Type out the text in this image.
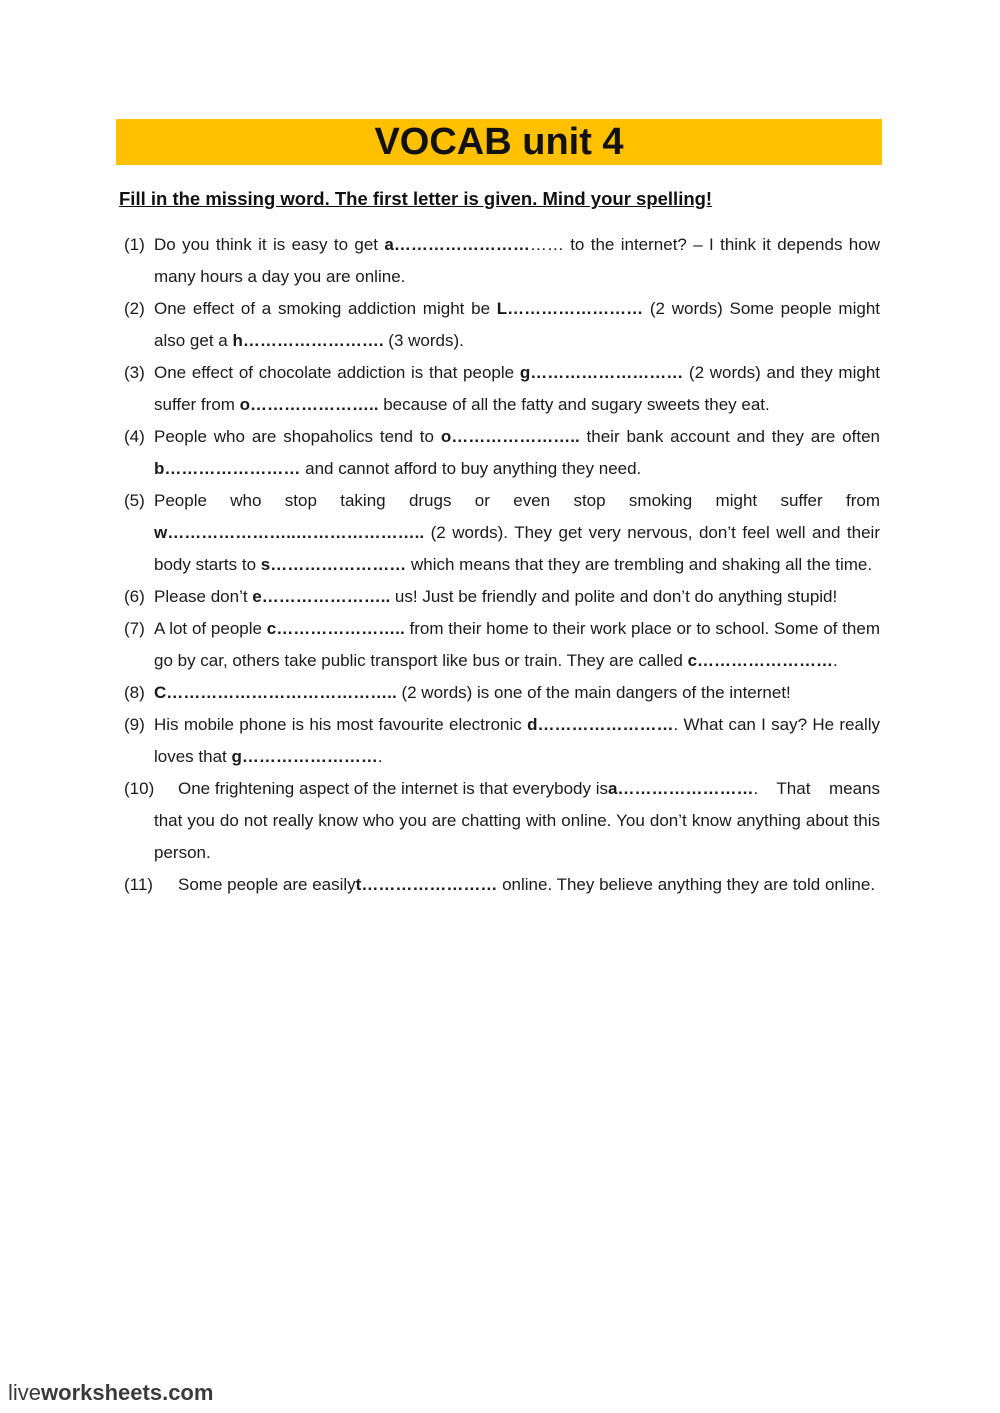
VOCAB unit 4
Fill in the missing word. The first letter is given. Mind your spelling!
(1) Do you think it is easy to get a………………………… to the internet? – I think it depends how many hours a day you are online.
(2) One effect of a smoking addiction might be L…………………… (2 words) Some people might also get a h……………………. (3 words).
(3) One effect of chocolate addiction is that people g……………………… (2 words) and they might suffer from o………………….. because of all the fatty and sugary sweets they eat.
(4) People who are shopaholics tend to o………………….. their bank account and they are often b…………………… and cannot afford to buy anything they need.
(5) People who stop taking drugs or even stop smoking might suffer from w…………………..………………….. (2 words). They get very nervous, don’t feel well and their body starts to s…………………… which means that they are trembling and shaking all the time.
(6) Please don’t e………………….. us! Just be friendly and polite and don’t do anything stupid!
(7) A lot of people c………………….. from their home to their work place or to school. Some of them go by car, others take public transport like bus or train. They are called c…………………….
(8) C………………………………….. (2 words) is one of the main dangers of the internet!
(9) His mobile phone is his most favourite electronic d……………………. What can I say? He really loves that g…………………….
(10) One frightening aspect of the internet is that everybody isa……………………. That means that you do not really know who you are chatting with online. You don’t know anything about this person.
(11) Some people are easilyt…………………… online. They believe anything they are told online.
liveworksheets.com
